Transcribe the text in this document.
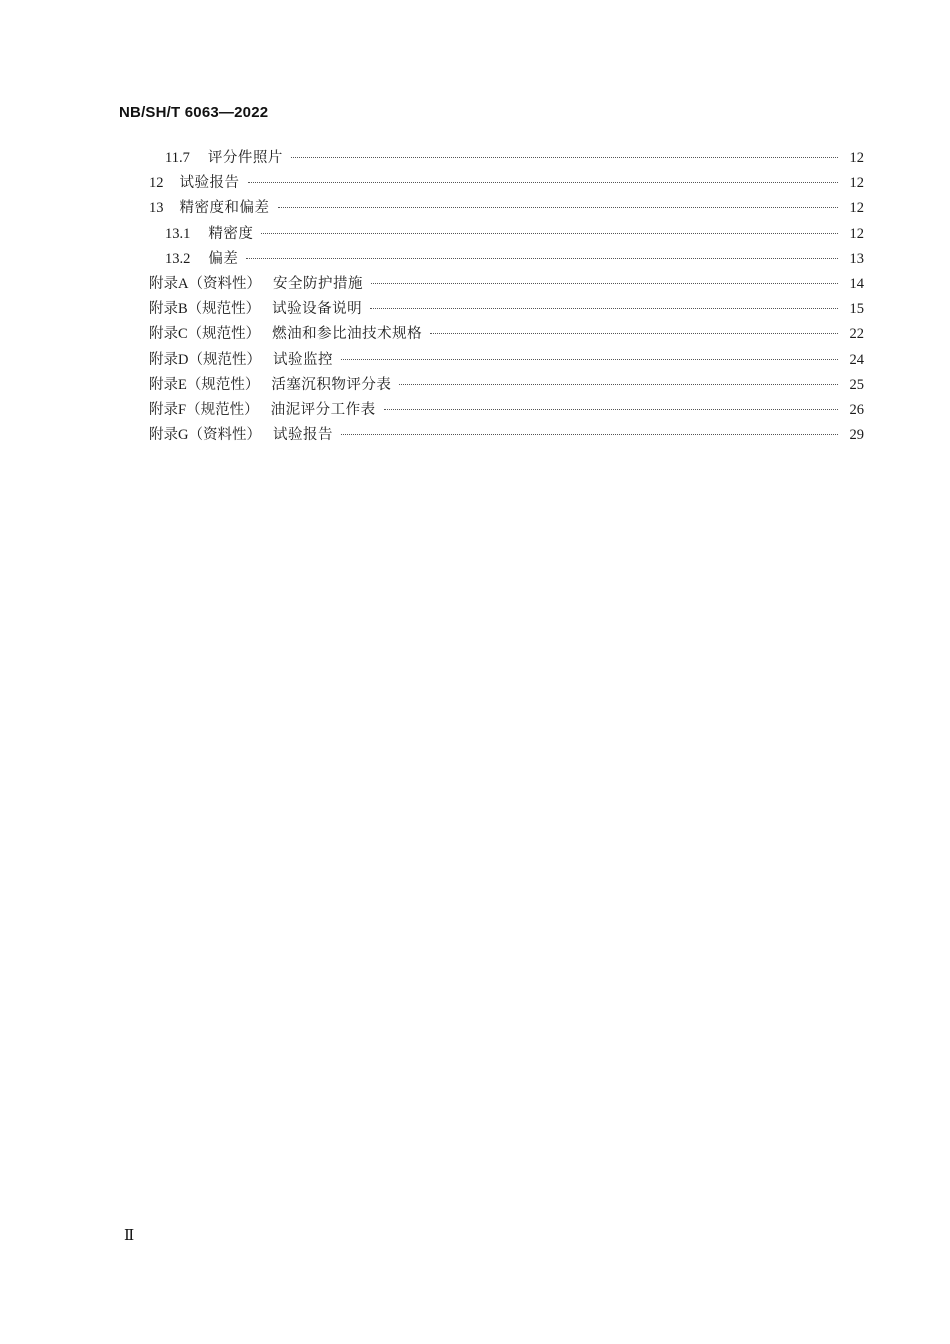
NB/SH/T 6063—2022
11.7 评分件照片	12
12 试验报告	12
13 精密度和偏差	12
13.1 精密度	12
13.2 偏差	13
附录A（资料性） 安全防护措施	14
附录B（规范性） 试验设备说明	15
附录C（规范性） 燃油和参比油技术规格	22
附录D（规范性） 试验监控	24
附录E（规范性） 活塞沉积物评分表	25
附录F（规范性） 油泥评分工作表	26
附录G（资料性） 试验报告	29
Ⅱ
